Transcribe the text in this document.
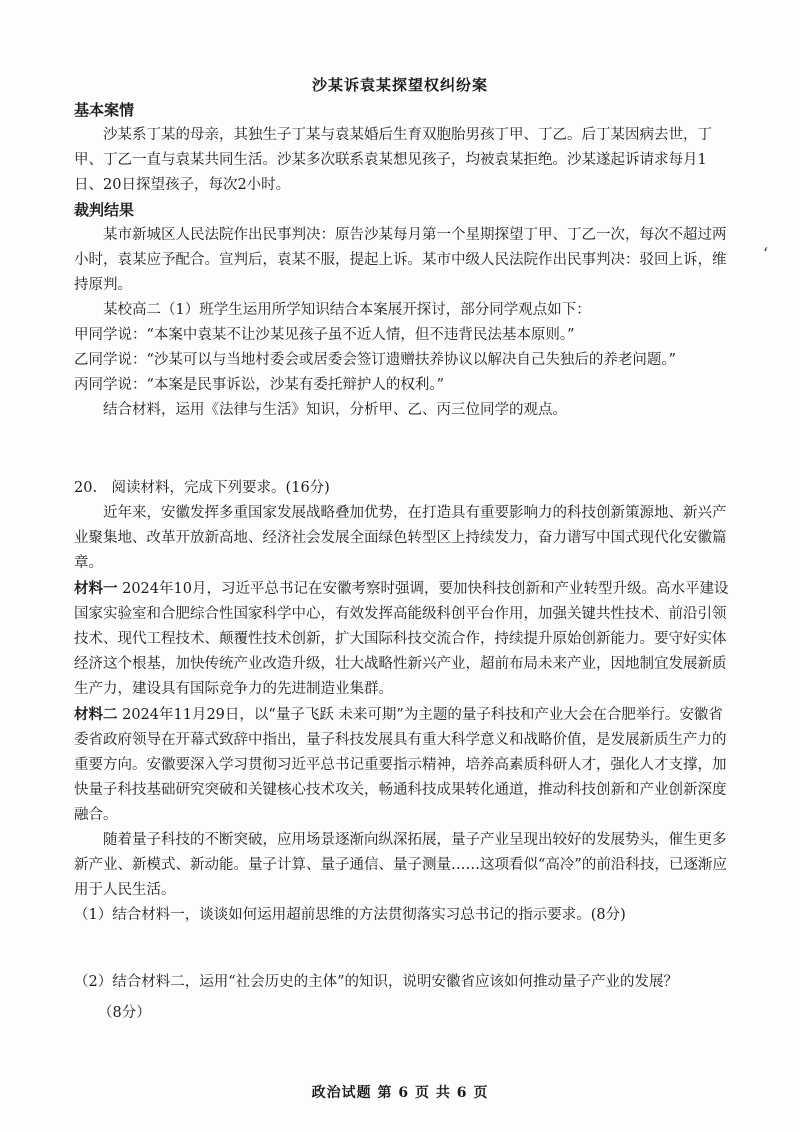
沙某诉袁某探望权纠纷案
基本案情

沙某系丁某的母亲，其独生子丁某与袁某婚后生育双胞胎男孩丁甲、丁乙。后丁某因病去世，丁甲、丁乙一直与袁某共同生活。沙某多次联系袁某想见孩子，均被袁某拒绝。沙某遂起诉请求每月1日、20日探望孩子，每次2小时。

裁判结果

某市新城区人民法院作出民事判决：原告沙某每月第一个星期探望丁甲、丁乙一次，每次不超过两小时，袁某应予配合。宣判后，袁某不服，提起上诉。某市中级人民法院作出民事判决：驳回上诉，维持原判。

某校高二（1）班学生运用所学知识结合本案展开探讨，部分同学观点如下：

甲同学说：“本案中袁某不让沙某见孩子虽不近人情，但不违背民法基本原则。”

乙同学说：“沙某可以与当地村委会或居委会签订遗赠扶养协议以解决自己失独后的养老问题。”

丙同学说：“本案是民事诉讼，沙某有委托辩护人的权利。”

结合材料，运用《法律与生活》知识，分析甲、乙、丙三位同学的观点。

20.　阅读材料，完成下列要求。(16分)

近年来，安徽发挥多重国家发展战略叠加优势，在打造具有重要影响力的科技创新策源地、新兴产业聚集地、改革开放新高地、经济社会发展全面绿色转型区上持续发力，奋力谱写中国式现代化安徽篇章。

材料一 2024年10月，习近平总书记在安徽考察时强调，要加快科技创新和产业转型升级。高水平建设国家实验室和合肥综合性国家科学中心，有效发挥高能级科创平台作用，加强关键共性技术、前沿引领技术、现代工程技术、颠覆性技术创新，扩大国际科技交流合作，持续提升原始创新能力。要守好实体经济这个根基，加快传统产业改造升级，壮大战略性新兴产业，超前布局未来产业，因地制宜发展新质生产力，建设具有国际竞争力的先进制造业集群。

材料二 2024年11月29日，以“量子飞跃 未来可期”为主题的量子科技和产业大会在合肥举行。安徽省委省政府领导在开幕式致辞中指出，量子科技发展具有重大科学意义和战略价值，是发展新质生产力的重要方向。安徽要深入学习贯彻习近平总书记重要指示精神，培养高素质科研人才，强化人才支撑，加快量子科技基础研究突破和关键核心技术攻关，畅通科技成果转化通道，推动科技创新和产业创新深度融合。

随着量子科技的不断突破，应用场景逐渐向纵深拓展，量子产业呈现出较好的发展势头，催生更多新产业、新模式、新动能。量子计算、量子通信、量子测量……这项看似“高冷”的前沿科技，已逐渐应用于人民生活。

（1）结合材料一，谈谈如何运用超前思维的方法贯彻落实习总书记的指示要求。(8分)

（2）结合材料二，运用“社会历史的主体”的知识，说明安徽省应该如何推动量子产业的发展？

（8分）

‘
政治试题 第 6 页 共 6 页
